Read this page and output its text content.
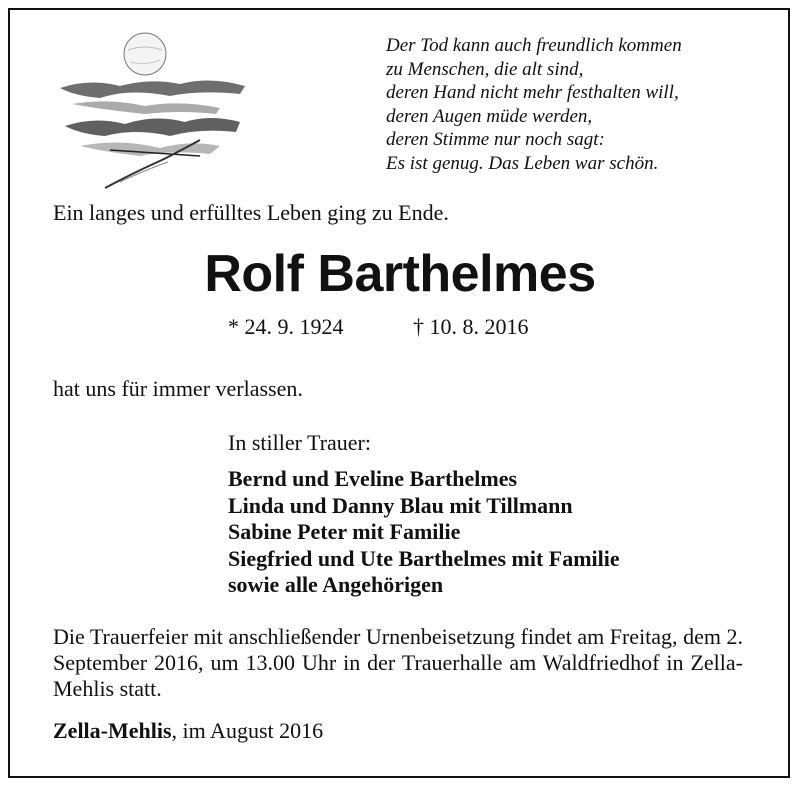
Der Tod kann auch freundlich kommen
zu Menschen, die alt sind,
deren Hand nicht mehr festhalten will,
deren Augen müde werden,
deren Stimme nur noch sagt:
Es ist genug. Das Leben war schön.
Ein langes und erfülltes Leben ging zu Ende.
Rolf Barthelmes
* 24. 9. 1924	† 10. 8. 2016
hat uns für immer verlassen.
In stiller Trauer:
Bernd und Eveline Barthelmes
Linda und Danny Blau mit Tillmann
Sabine Peter mit Familie
Siegfried und Ute Barthelmes mit Familie
sowie alle Angehörigen

Die Trauerfeier mit anschließender Urnenbeisetzung findet am Freitag, dem 2. September 2016, um 13.00 Uhr in der Trauerhalle am Waldfriedhof in Zella-Mehlis statt.

Zella-Mehlis, im August 2016
